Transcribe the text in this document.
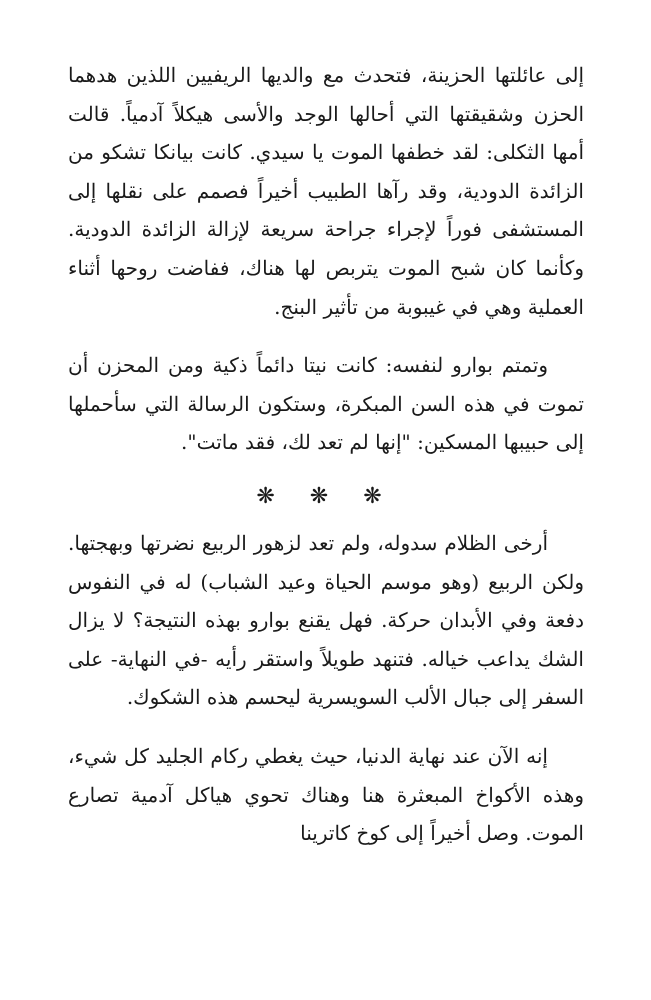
إلى عائلتها الحزينة، فتحدث مع والديها الريفيين اللذين هدهما الحزن وشقيقتها التي أحالها الوجد والأسى هيكلاً آدمياً. قالت أمها الثكلى: لقد خطفها الموت يا سيدي. كانت بيانكا تشكو من الزائدة الدودية، وقد رآها الطبيب أخيراً فصمم على نقلها إلى المستشفى فوراً لإجراء جراحة سريعة لإزالة الزائدة الدودية. وكأنما كان شبح الموت يتربص لها هناك، ففاضت روحها أثناء العملية وهي في غيبوبة من تأثير البنج.

وتمتم بوارو لنفسه: كانت نيتا دائماً ذكية ومن المحزن أن تموت في هذه السن المبكرة، وستكون الرسالة التي سأحملها إلى حبيبها المسكين: "إنها لم تعد لك، فقد ماتت".

❋ ❋ ❋

أرخى الظلام سدوله، ولم تعد لزهور الربيع نضرتها وبهجتها. ولكن الربيع (وهو موسم الحياة وعيد الشباب) له في النفوس دفعة وفي الأبدان حركة. فهل يقنع بوارو بهذه النتيجة؟ لا يزال الشك يداعب خياله. فتنهد طويلاً واستقر رأيه -في النهاية- على السفر إلى جبال الألب السويسرية ليحسم هذه الشكوك.

إنه الآن عند نهاية الدنيا، حيث يغطي ركام الجليد كل شيء، وهذه الأكواخ المبعثرة هنا وهناك تحوي هياكل آدمية تصارع الموت. وصل أخيراً إلى كوخ كاترينا
